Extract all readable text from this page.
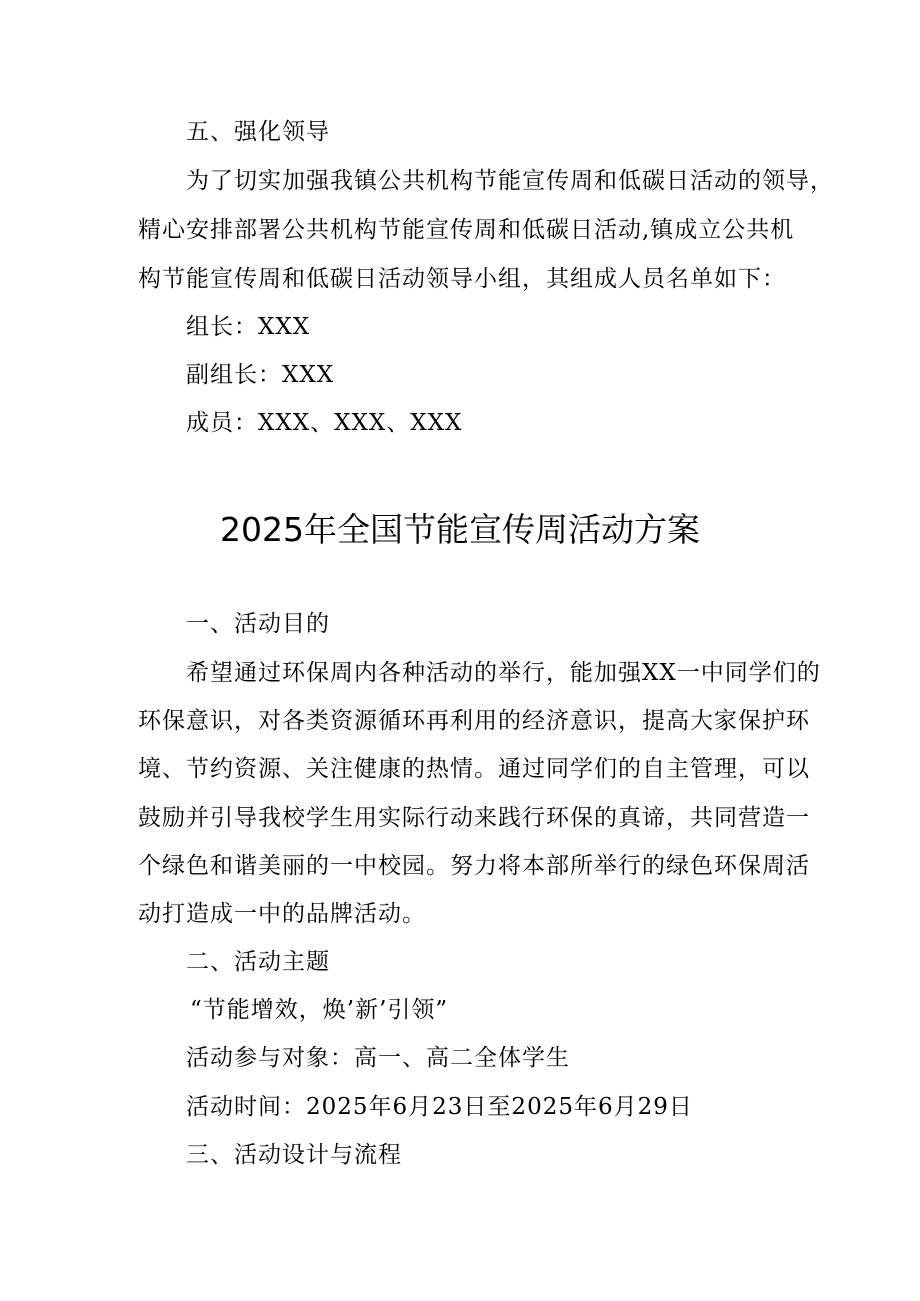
五、强化领导

为了切实加强我镇公共机构节能宣传周和低碳日活动的领导，

精心安排部署公共机构节能宣传周和低碳日活动,镇成立公共机

构节能宣传周和低碳日活动领导小组，其组成人员名单如下：

组长：XXX

副组长：XXX

成员：XXX、XXX、XXX

2025年全国节能宣传周活动方案

一、活动目的

希望通过环保周内各种活动的举行，能加强XX一中同学们的

环保意识，对各类资源循环再利用的经济意识，提高大家保护环

境、节约资源、关注健康的热情。通过同学们的自主管理，可以

鼓励并引导我校学生用实际行动来践行环保的真谛，共同营造一

个绿色和谐美丽的一中校园。努力将本部所举行的绿色环保周活

动打造成一中的品牌活动。

二、活动主题

“节能增效，焕’新’引领”

活动参与对象：高一、高二全体学生

活动时间：2025年6月23日至2025年6月29日

三、活动设计与流程
